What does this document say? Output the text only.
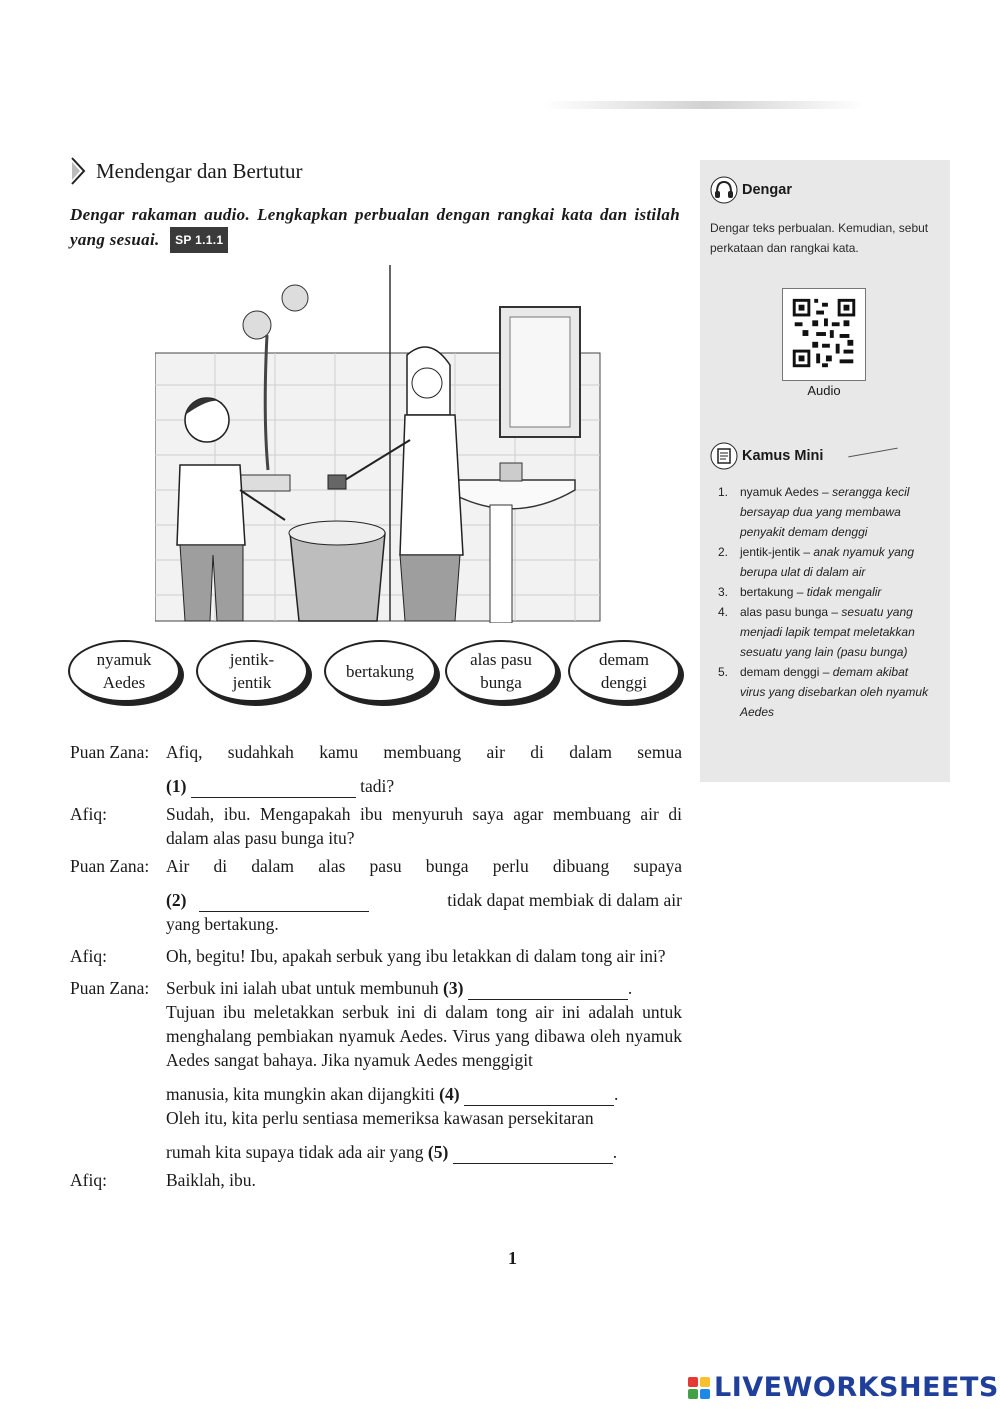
Mendengar dan Bertutur
Dengar rakaman audio. Lengkapkan perbualan dengan rangkai kata dan istilah yang sesuai. SP 1.1.1
nyamuk
Aedes
jentik-
jentik
bertakung
alas pasu
bunga
demam
denggi
Puan Zana: Afiq, sudahkah kamu membuang air di dalam semua
(1)	tadi?
Afiq:	Sudah, ibu. Mengapakah ibu menyuruh saya agar membuang air di dalam alas pasu bunga itu?
Puan Zana: Air di dalam alas pasu bunga perlu dibuang supaya
(2)	tidak dapat membiak di dalam air
yang bertakung.
Afiq:	Oh, begitu! Ibu, apakah serbuk yang ibu letakkan di dalam tong air ini?
Puan Zana: Serbuk ini ialah ubat untuk membunuh (3)	.
Tujuan ibu meletakkan serbuk ini di dalam tong air ini adalah untuk menghalang pembiakan nyamuk Aedes. Virus yang dibawa oleh nyamuk Aedes sangat bahaya. Jika nyamuk Aedes menggigit
manusia, kita mungkin akan dijangkiti (4)	.
Oleh itu, kita perlu sentiasa memeriksa kawasan persekitaran
rumah kita supaya tidak ada air yang (5)	.
Afiq:	Baiklah, ibu.
1
Dengar
Dengar teks perbualan. Kemudian, sebut perkataan dan rangkai kata.
Audio
Kamus Mini
1. nyamuk Aedes – serangga kecil bersayap dua yang membawa penyakit demam denggi
2. jentik-jentik – anak nyamuk yang berupa ulat di dalam air
3. bertakung – tidak mengalir
4. alas pasu bunga – sesuatu yang menjadi lapik tempat meletakkan sesuatu yang lain (pasu bunga)
5. demam denggi – demam akibat virus yang disebarkan oleh nyamuk Aedes
LIVEWORKSHEETS
